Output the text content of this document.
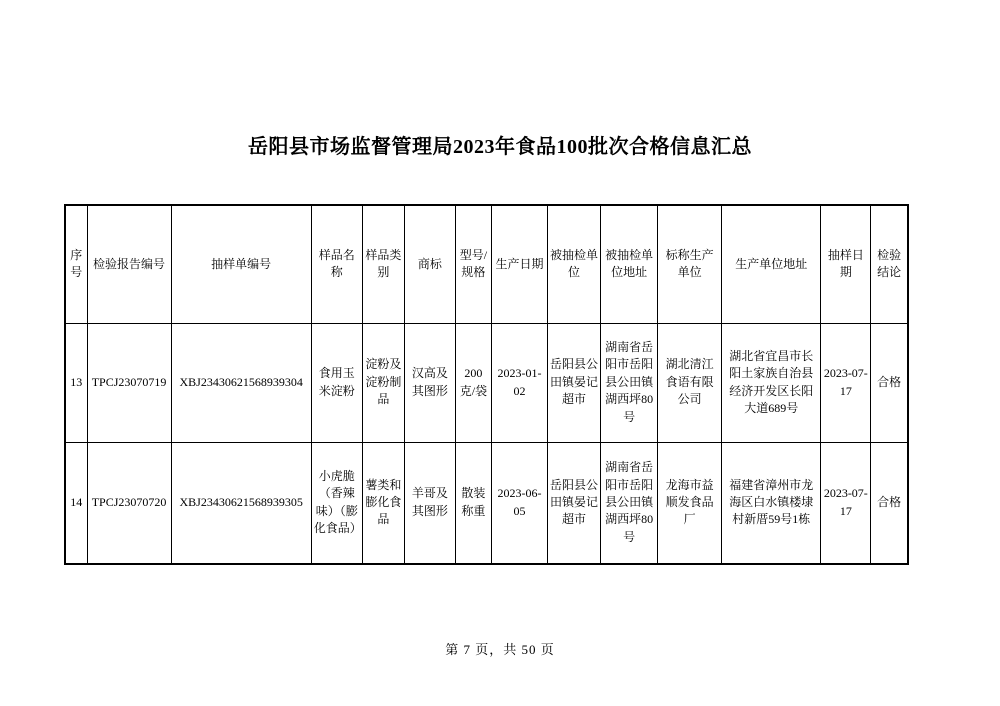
岳阳县市场监督管理局2023年食品100批次合格信息汇总
序号	检验报告编号	抽样单编号	样品名称	样品类别	商标	型号/规格	生产日期	被抽检单位	被抽检单位地址	标称生产单位	生产单位地址	抽样日期	检验结论
13	TPCJ23070719	XBJ23430621568939304	食用玉米淀粉	淀粉及淀粉制品	汉高及其图形	200克/袋	2023-01-02	岳阳县公田镇晏记超市	湖南省岳阳市岳阳县公田镇湖西坪80号	湖北清江食语有限公司	湖北省宜昌市长阳土家族自治县经济开发区长阳大道689号	2023-07-17	合格
14	TPCJ23070720	XBJ23430621568939305	小虎脆（香辣味）（膨化食品）	薯类和膨化食品	羊哥及其图形	散装称重	2023-06-05	岳阳县公田镇晏记超市	湖南省岳阳市岳阳县公田镇湖西坪80号	龙海市益顺发食品厂	福建省漳州市龙海区白水镇楼埭村新厝59号1栋	2023-07-17	合格
第 7 页，共 50 页
